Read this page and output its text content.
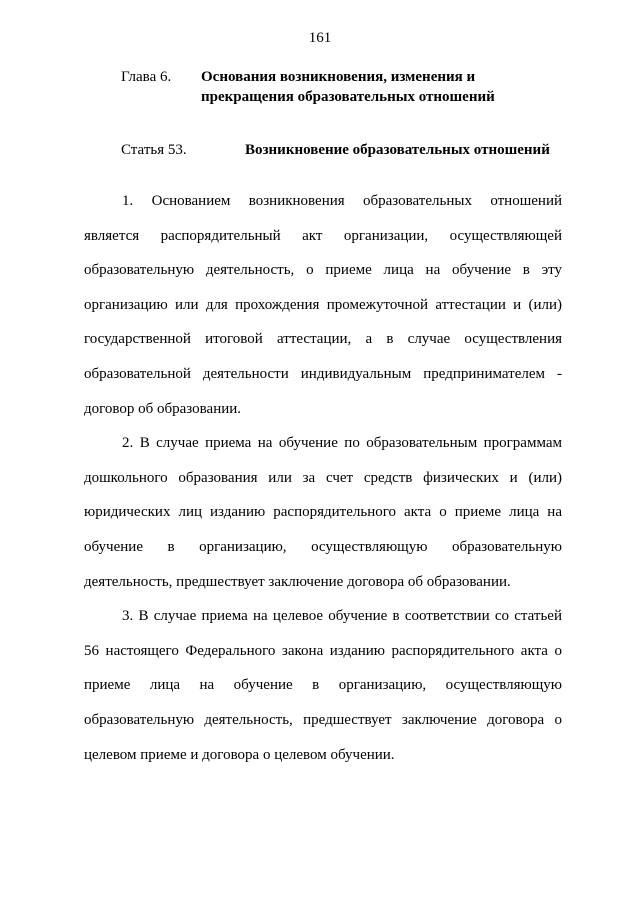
161
Глава 6. Основания возникновения, изменения и прекращения образовательных отношений
Статья 53.	Возникновение образовательных отношений

1. Основанием возникновения образовательных отношений является распорядительный акт организации, осуществляющей образовательную деятельность, о приеме лица на обучение в эту организацию или для прохождения промежуточной аттестации и (или) государственной итоговой аттестации, а в случае осуществления образовательной деятельности индивидуальным предпринимателем - договор об образовании.

2. В случае приема на обучение по образовательным программам дошкольного образования или за счет средств физических и (или) юридических лиц изданию распорядительного акта о приеме лица на обучение в организацию, осуществляющую образовательную деятельность, предшествует заключение договора об образовании.

3. В случае приема на целевое обучение в соответствии со статьей 56 настоящего Федерального закона изданию распорядительного акта о приеме лица на обучение в организацию, осуществляющую образовательную деятельность, предшествует заключение договора о целевом приеме и договора о целевом обучении.
